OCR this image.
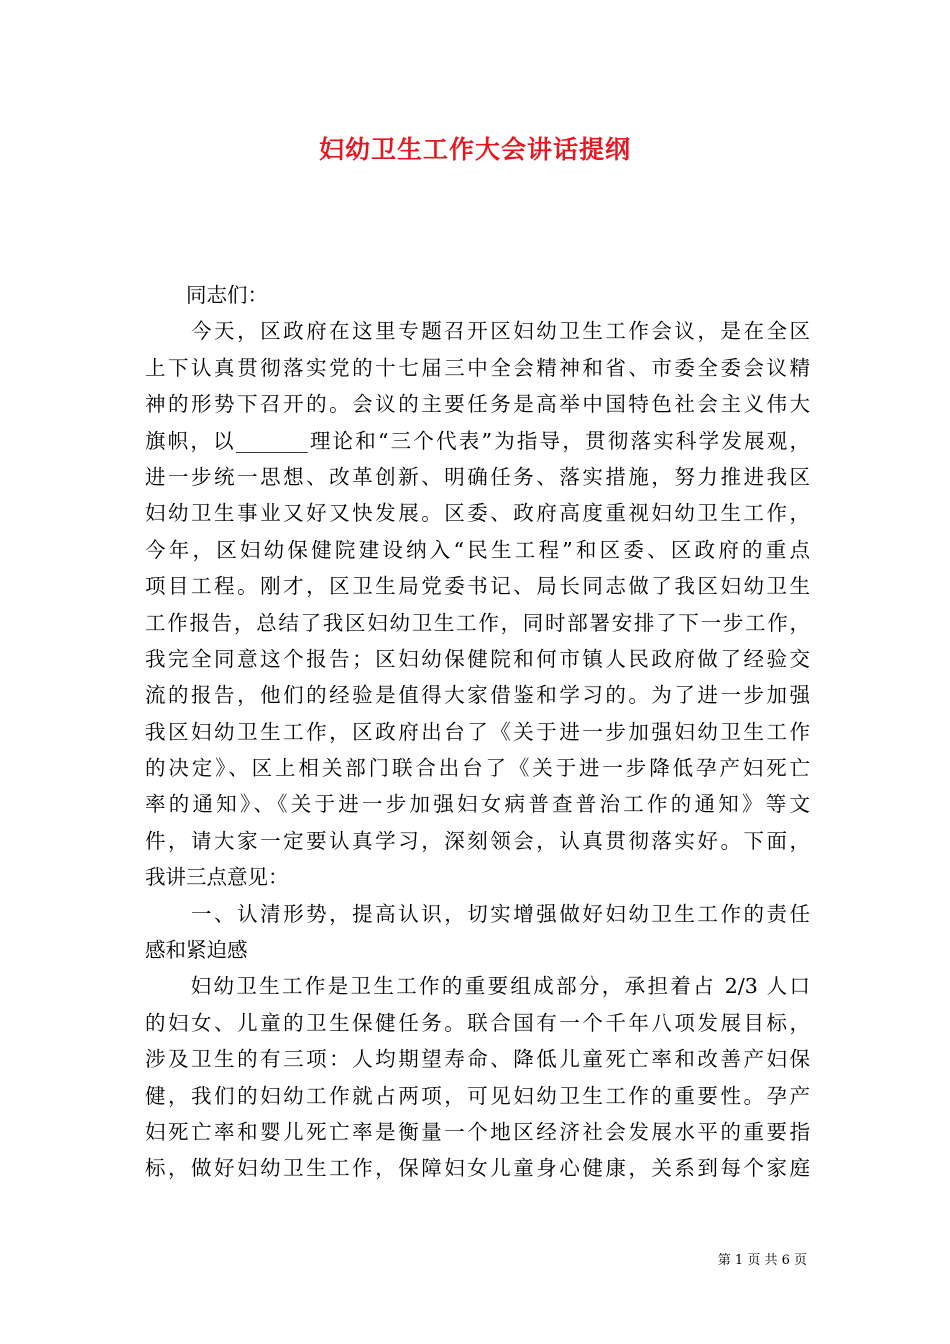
妇幼卫生工作大会讲话提纲
　　同志们：
　　今天，区政府在这里专题召开区妇幼卫生工作会议，是在全区
上下认真贯彻落实党的十七届三中全会精神和省、市委全委会议精
神的形势下召开的。会议的主要任务是高举中国特色社会主义伟大
旗帜，以_______理论和“三个代表”为指导，贯彻落实科学发展观，
进一步统一思想、改革创新、明确任务、落实措施，努力推进我区
妇幼卫生事业又好又快发展。区委、政府高度重视妇幼卫生工作，
今年，区妇幼保健院建设纳入“民生工程”和区委、区政府的重点
项目工程。刚才，区卫生局党委书记、局长同志做了我区妇幼卫生
工作报告，总结了我区妇幼卫生工作，同时部署安排了下一步工作，
我完全同意这个报告；区妇幼保健院和何市镇人民政府做了经验交
流的报告，他们的经验是值得大家借鉴和学习的。为了进一步加强
我区妇幼卫生工作，区政府出台了《关于进一步加强妇幼卫生工作
的决定》、区上相关部门联合出台了《关于进一步降低孕产妇死亡
率的通知》、《关于进一步加强妇女病普查普治工作的通知》等文
件，请大家一定要认真学习，深刻领会，认真贯彻落实好。下面，
我讲三点意见：
　　一、认清形势，提高认识，切实增强做好妇幼卫生工作的责任
感和紧迫感
　　妇幼卫生工作是卫生工作的重要组成部分，承担着占 2/3 人口
的妇女、儿童的卫生保健任务。联合国有一个千年八项发展目标，
涉及卫生的有三项：人均期望寿命、降低儿童死亡率和改善产妇保
健，我们的妇幼工作就占两项，可见妇幼卫生工作的重要性。孕产
妇死亡率和婴儿死亡率是衡量一个地区经济社会发展水平的重要指
标，做好妇幼卫生工作，保障妇女儿童身心健康，关系到每个家庭
第 1 页 共 6 页
